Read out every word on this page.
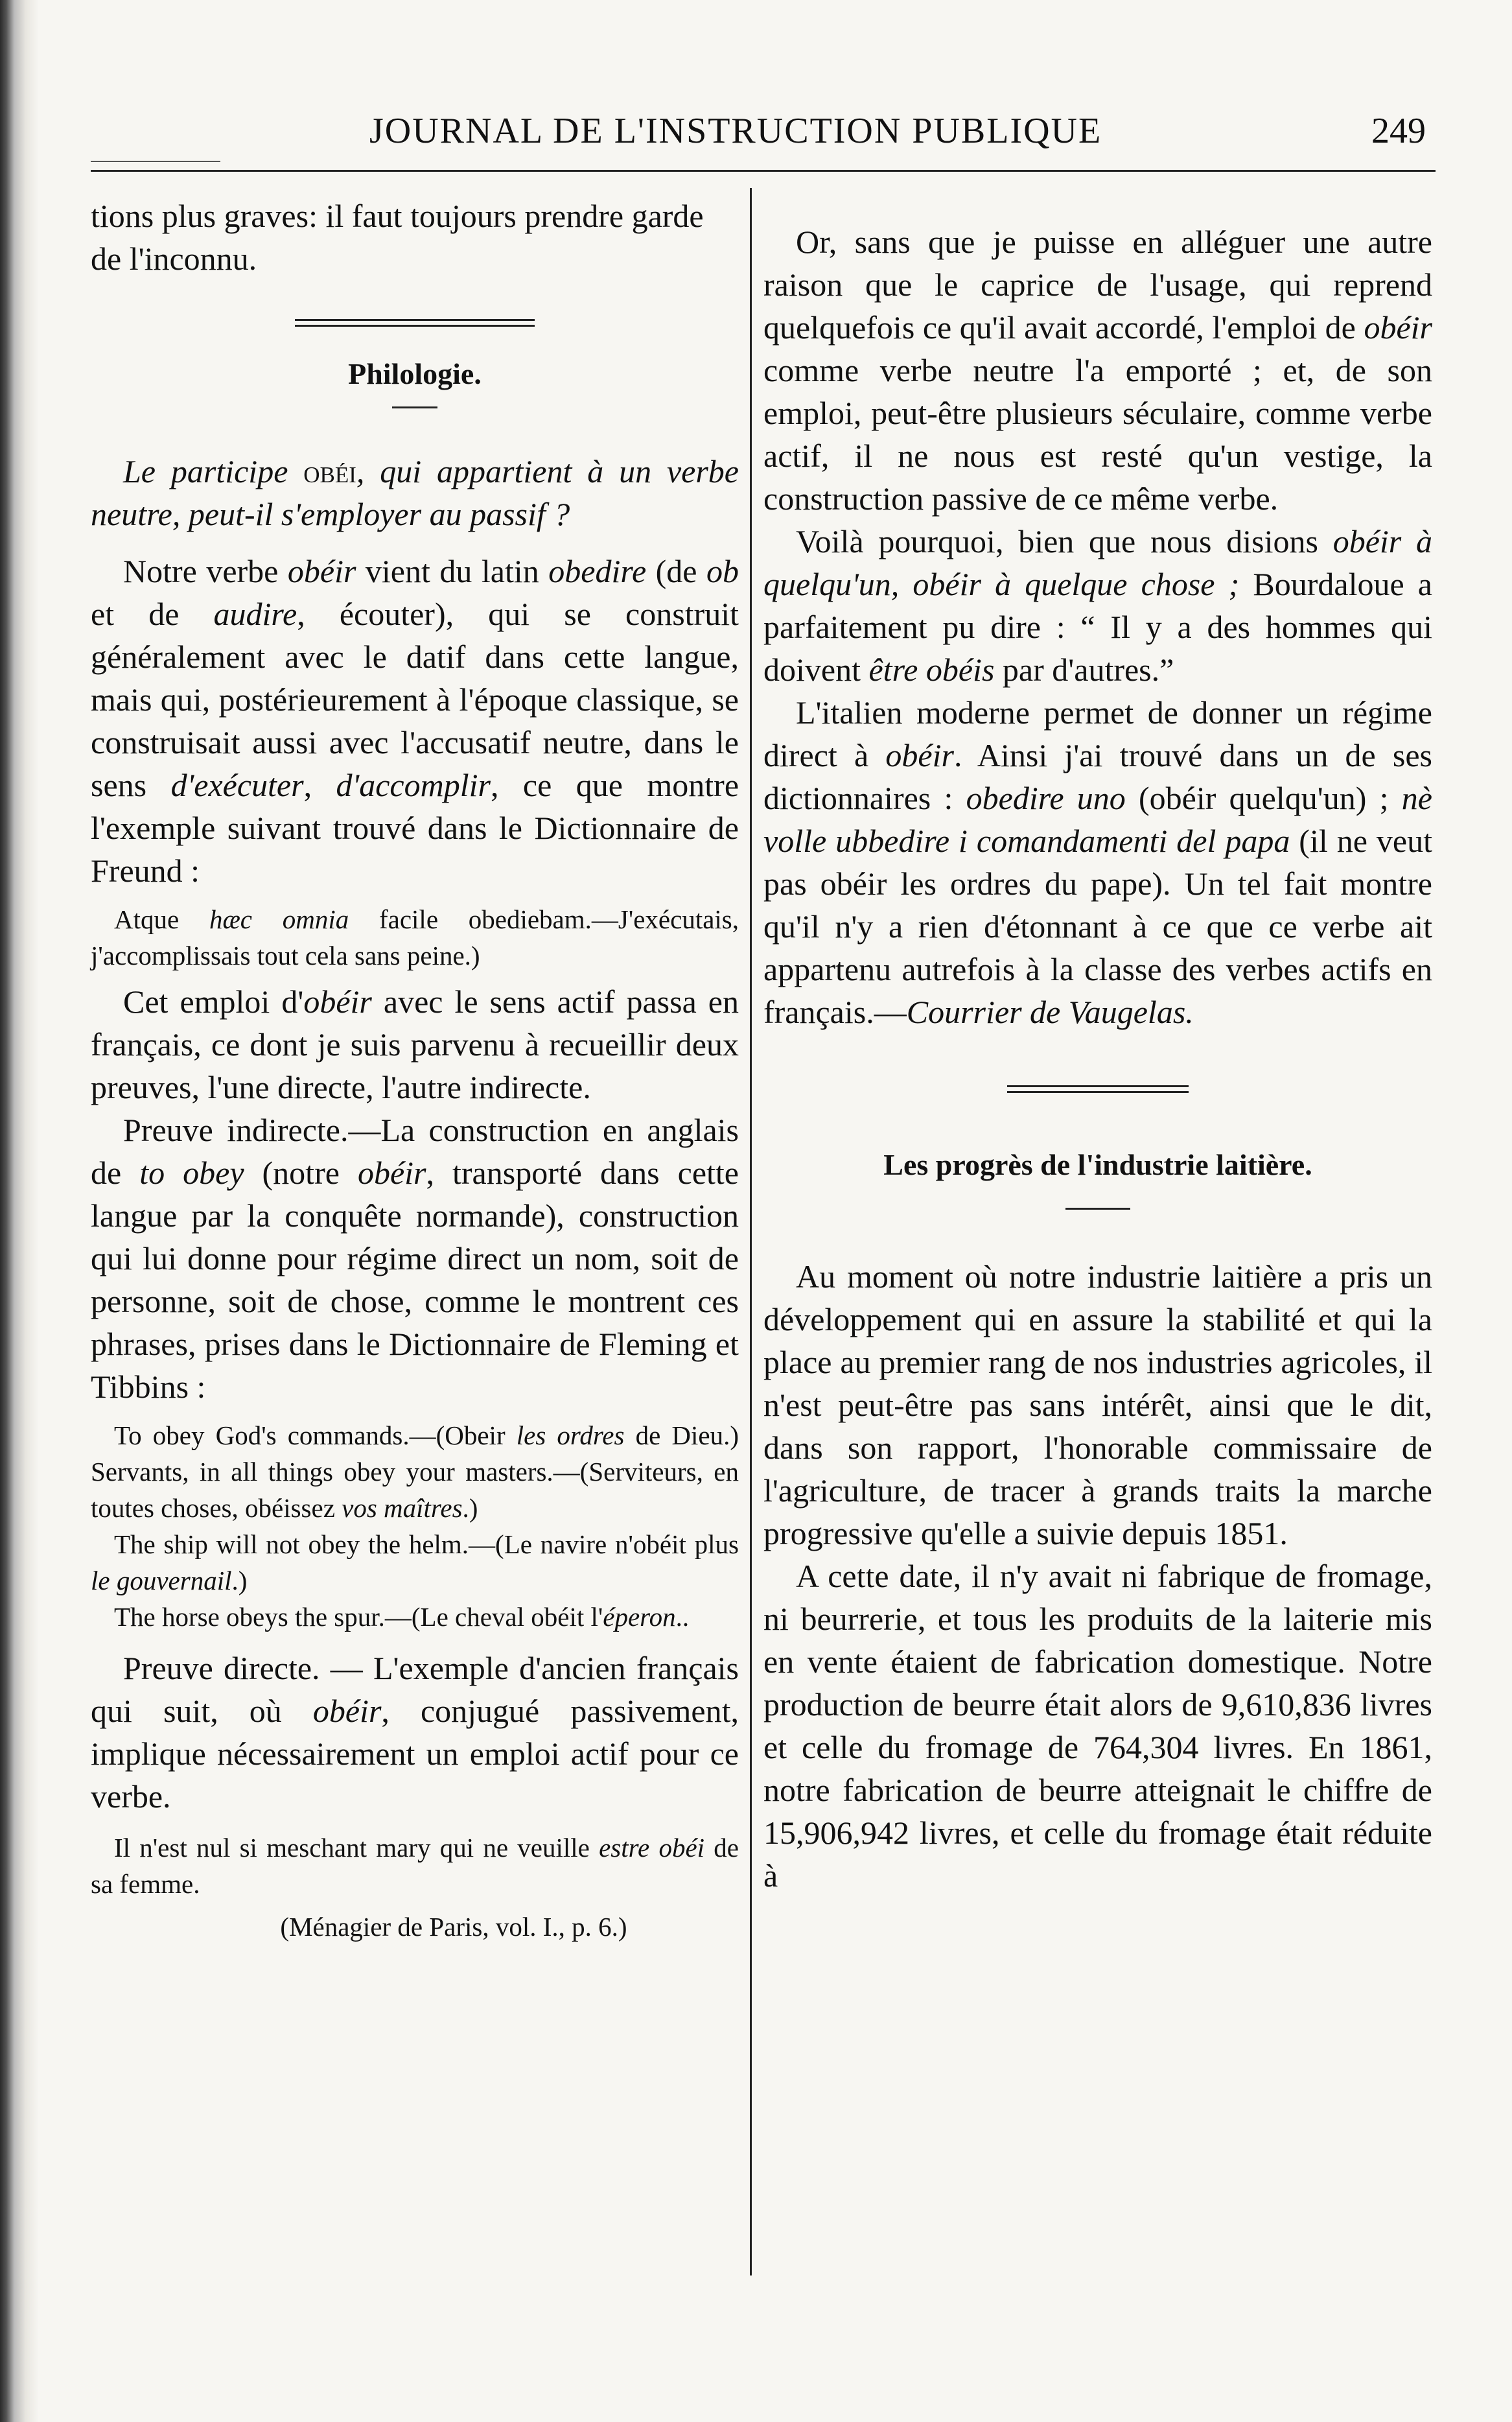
JOURNAL DE L'INSTRUCTION PUBLIQUE	249

tions plus graves: il faut toujours prendre garde de l'inconnu.

Philologie.

Le participe obéi, qui appartient à un verbe neutre, peut-il s'employer au passif ?

Notre verbe obéir vient du latin obedire (de ob et de audire, écouter), qui se construit généralement avec le datif dans cette langue, mais qui, postérieurement à l'époque classique, se construisait aussi avec l'accusatif neutre, dans le sens d'exécuter, d'accomplir, ce que montre l'exemple suivant trouvé dans le Dictionnaire de Freund :

Atque hæc omnia facile obediebam.—J'exécutais, j'accomplissais tout cela sans peine.)

Cet emploi d'obéir avec le sens actif passa en français, ce dont je suis parvenu à recueillir deux preuves, l'une directe, l'autre indirecte.

Preuve indirecte.—La construction en anglais de to obey (notre obéir, transporté dans cette langue par la conquête normande), construction qui lui donne pour régime direct un nom, soit de personne, soit de chose, comme le montrent ces phrases, prises dans le Dictionnaire de Fleming et Tibbins :

To obey God's commands.—(Obeir les ordres de Dieu.) Servants, in all things obey your masters.—(Serviteurs, en toutes choses, obéissez vos maîtres.)

The ship will not obey the helm.—(Le navire n'obéit plus le gouvernail.)

The horse obeys the spur.—(Le cheval obéit l'éperon..

Preuve directe. — L'exemple d'ancien français qui suit, où obéir, conjugué passivement, implique nécessairement un emploi actif pour ce verbe.

Il n'est nul si meschant mary qui ne veuille estre obéi de sa femme.

(Ménagier de Paris, vol. I., p. 6.)

Or, sans que je puisse en alléguer une autre raison que le caprice de l'usage, qui reprend quelquefois ce qu'il avait accordé, l'emploi de obéir comme verbe neutre l'a emporté ; et, de son emploi, peut-être plusieurs séculaire, comme verbe actif, il ne nous est resté qu'un vestige, la construction passive de ce même verbe.

Voilà pourquoi, bien que nous disions obéir à quelqu'un, obéir à quelque chose ; Bourdaloue a parfaitement pu dire : “ Il y a des hommes qui doivent être obéis par d'autres.”

L'italien moderne permet de donner un régime direct à obéir. Ainsi j'ai trouvé dans un de ses dictionnaires : obedire uno (obéir quelqu'un) ; nè volle ubbedire i comandamenti del papa (il ne veut pas obéir les ordres du pape). Un tel fait montre qu'il n'y a rien d'étonnant à ce que ce verbe ait appartenu autrefois à la classe des verbes actifs en français.—Courrier de Vaugelas.

Les progrès de l'industrie laitière.

Au moment où notre industrie laitière a pris un développement qui en assure la stabilité et qui la place au premier rang de nos industries agricoles, il n'est peut-être pas sans intérêt, ainsi que le dit, dans son rapport, l'honorable commissaire de l'agriculture, de tracer à grands traits la marche progressive qu'elle a suivie depuis 1851.

A cette date, il n'y avait ni fabrique de fromage, ni beurrerie, et tous les produits de la laiterie mis en vente étaient de fabrication domestique. Notre production de beurre était alors de 9,610,836 livres et celle du fromage de 764,304 livres. En 1861, notre fabrication de beurre atteignait le chiffre de 15,906,942 livres, et celle du fromage était réduite à
